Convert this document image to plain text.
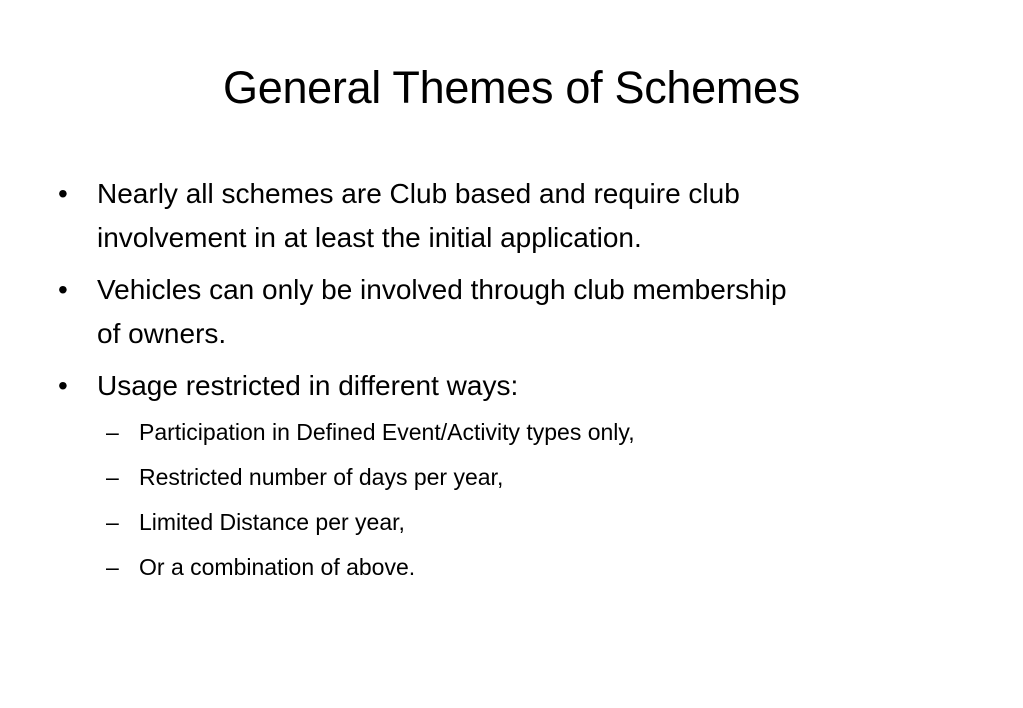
General Themes of Schemes
•	Nearly all schemes are Club based and require club
involvement in at least the initial application.
•	Vehicles can only be involved through club membership
of owners.
•	Usage restricted in different ways:
– Participation in Defined Event/Activity types only,
– Restricted number of days per year,
– Limited Distance per year,
– Or a combination of above.
